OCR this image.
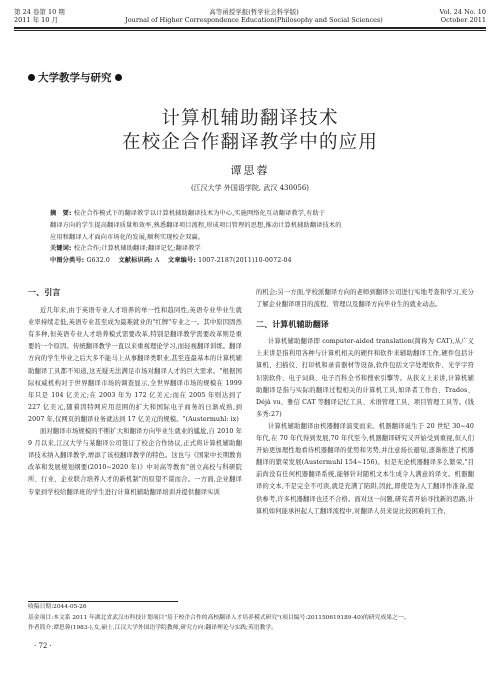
第 24 卷第 10 期
2011 年 10 月
高等函授学报(哲学社会科学版)
Journal of Higher Correspondence Education(Philosophy and Social Sciences)
Vol. 24 No. 10
October 2011
大学教学与研究
计算机辅助翻译技术
在校企合作翻译教学中的应用
谭思蓉
(江汉大学 外国语学院, 武汉 430056)
摘　要: 校企合作模式下的翻译教学以计算机辅助翻译技术为中心,实施网络化互动翻译教学,有助于
翻译方向的学生提高翻译质量和效率,熟悉翻译项目流程,形成项目管理的思想,推动计算机辅助翻译技术的
应用和翻译人才面向市场化的发展,顺利实现校企双赢。
关键词: 校企合作;计算机辅助翻译;翻译记忆;翻译教学
中图分类号: G632.0 文献标识码: A 文章编号: 1007-2187(2011)10-0072-04

一、引言

近几年来,由于英语专业人才培养的单一性和趋同性,英语专业毕业生就业率持续走低,英语专业甚至成为最难就业的"红牌"专业之一。其中原因固然有多种,但英语专业人才培养模式需要改革,特别是翻译教学需要改革则是重要的一个原因。传统翻译教学一直以来重视理论学习,而轻视翻译训练。翻译方向的学生毕业之后大多不能马上从事翻译类职业,甚至连最基本的计算机辅助翻译工具都不知道,这无疑无法满足市场对翻译人才的巨大需求。"根据国际权威机构对于世界翻译市场的调查显示,全世界翻译市场的规模在 1999 年只是 104 亿美元;在 2003 年为 172 亿美元;而在 2005 年则达到了 227 亿美元,随着因特网应用范围的扩大和国际电子商务的日渐成熟,到 2007 年,仅网页的翻译业务就达到 17 亿美元的规模。"(Austermuhl: ix)

面对翻译市场规模的不断扩大和翻译方向毕业生就业的尴尬,自 2010 年 9 月以来,江汉大学与某翻译公司签订了校企合作协议,正式将计算机辅助翻译技术纳入翻译教学,增添了该校翻译教学的特色。这也与《国家中长期教育改革和发展规划纲要(2010~2020 年)》中对高等教育"创立高校与科研院所、行业、企业联合培养人才的新机制"的原望不谋而合。一方面,企业翻译专家到学校给翻译班的学生进行计算机辅助翻译培训并提供翻译实训

的机会;另一方面,学校派翻译方向的老师到翻译公司进行实地考查和学习,充分了解企业翻译项目的流程、管理以及翻译方向毕业生的就业动态。

二、计算机辅助翻译

计算机辅助翻译即 computer-aided translation(简称为 CAT),从广义上来讲是指利用各种与计算机相关的硬件和软件来辅助翻译工作,硬件包括计算机、扫描仪、打印机和录音器材等设备,软件包括文字处理软件、光学字符识别软件、电子词典、电子百科全书和搜索引擎等。从狭义上来讲,计算机辅助翻译是指与实际的翻译过程相关的计算机工具,如译者工作台、Trados、Déjà vu、雅信 CAT 等翻译记忆工具、术语管理工具、项目管理工具等。(钱多秀:27)

计算机辅助翻译由机器翻译演变而来。机器翻译诞生于 20 世纪 30~40 年代,在 70 年代得到发展,70 年代至今,机器翻译研究又开始受到重视,但人们开始更加理性地看待机器翻译的优势和劣势,并注意扬长避短,逐渐推进了机器翻译的繁荣发展(Austermuhl 154~156)。但是无论机器翻译多么繁荣,"目前尚没有任何机器翻译系统,能够针对随机文本生成令人满意的译文。机器翻译的文本,不是完全不可读,就是充满了陷阱,因此,即使是为人工翻译作准备,提供参考,许多机器翻译也还不合格。面对这一问题,研究者开始寻找新的思路,计算机如何能承担起人工翻译流程中,对翻译人员来说比较困难的工作,

收稿日期:2044-05-26
基金项目:本文系 2011 年湖北省武汉市科技计划项目"基于校企合作的高校翻译人才培养模式研究"(项目编号:201150619189-40)的研究成果之一。
作者简介:谭思蓉(1983-),女,硕士,江汉大学外国语学院教师,研究方向:翻译理论与实践;英语教学。
· 72 ·
